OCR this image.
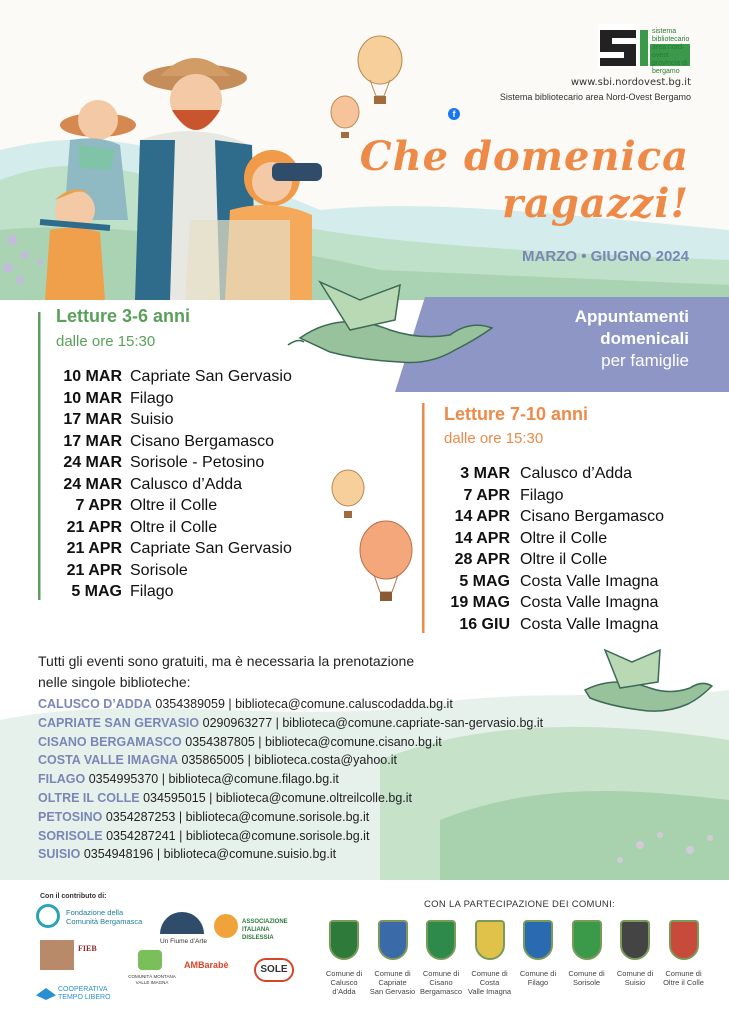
sistema bibliotecario area nord-ovest provincia di bergamo
www.sbi.nordovest.bg.it
Sistema bibliotecario area Nord-Ovest Bergamo
f
Che domenica
ragazzi!
MARZO • GIUGNO 2024
Appuntamenti
domenicali
per famiglie
Letture 3-6 anni
dalle ore 15:30
10 MAR Capriate San Gervasio
10 MAR Filago
17 MAR Suisio
17 MAR Cisano Bergamasco
24 MAR Sorisole - Petosino
24 MAR Calusco d’Adda
7 APR Oltre il Colle
21 APR Oltre il Colle
21 APR Capriate San Gervasio
21 APR Sorisole
5 MAG Filago
Letture 7-10 anni
dalle ore 15:30
3 MAR Calusco d’Adda
7 APR Filago
14 APR Cisano Bergamasco
14 APR Oltre il Colle
28 APR Oltre il Colle
5 MAG Costa Valle Imagna
19 MAG Costa Valle Imagna
16 GIU Costa Valle Imagna
Tutti gli eventi sono gratuiti, ma è necessaria la prenotazione
nelle singole biblioteche:
CALUSCO D’ADDA 0354389059 | biblioteca@comune.caluscodadda.bg.it
CAPRIATE SAN GERVASIO 0290963277 | biblioteca@comune.capriate-san-gervasio.bg.it
CISANO BERGAMASCO 0354387805 | biblioteca@comune.cisano.bg.it
COSTA VALLE IMAGNA 035865005 | biblioteca.costa@yahoo.it
FILAGO 0354995370 | biblioteca@comune.filago.bg.it
OLTRE IL COLLE 034595015 | biblioteca@comune.oltreilcolle.bg.it
PETOSINO 0354287253 | biblioteca@comune.sorisole.bg.it
SORISOLE 0354287241 | biblioteca@comune.sorisole.bg.it
SUISIO 0354948196 | biblioteca@comune.suisio.bg.it
Con il contributo di:
CON LA PARTECIPAZIONE DEI COMUNI:
Fondazione della Comunità Bergamasca
Un Fiume d’Arte
ASSOCIAZIONE ITALIANA DISLESSIA
FIEB
COMUNITÀ MONTANA VALLE IMAGNA
AMBarabè	SOLE
COOPERATIVA TEMPO LIBERO
Comune di
Calusco d’Adda
Comune di
Capriate
San Gervasio
Comune di
Cisano
Bergamasco
Comune di
Costa
Valle Imagna
Comune di
Filago
Comune di
Sorisole
Comune di
Suisio
Comune di
Oltre il Colle
